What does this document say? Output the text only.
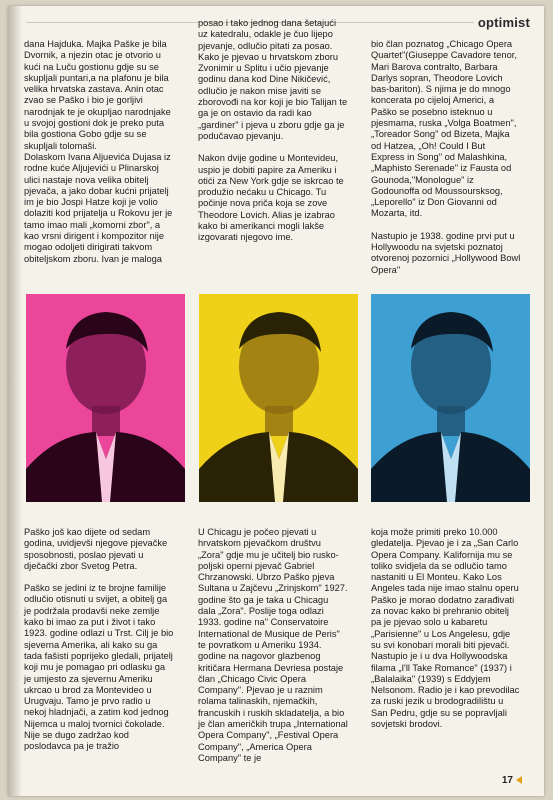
optimist

dana Hajduka. Majka Paške je bila Dvornik, a njezin otac je otvorio u kući na Luču gostionu gdje su se skupljali puntari,a na plafonu je bila velika hrvatska zastava. Anin otac zvao se Paško i bio je gorljivi narodnjak te je okupljao narodnjake u svojoj gostioni dok je preko puta bila gostiona Gobo gdje su se skupljali tolomaši.

Dolaskom Ivana Aljuevića Dujasa iz rodne kuće Aljujevići u Plinarskoj ulici nastaje nova velika obitelj pjevača, a jako dobar kućni prijatelj im je bio Jospi Hatze koji je volio dolaziti kod prijatelja u Rokovu jer je tamo imao mali „komorni zbor", a kao vrsni dirigent i kompozitor nije mogao odoljeti dirigirati takvom obiteljskom zboru. Ivan je maloga

posao i tako jednog dana šetajući uz katedralu, odakle je čuo lijepo pjevanje, odlučio pitati za posao. Kako je pjevao u hrvatskom zboru Zvonimir u Splitu i učio pjevanje godinu dana kod Dine Nikičević, odlučio je nakon mise javiti se zborovođi na kor koji je bio Talijan te ga je on ostavio da radi kao „gardiner" i pjeva u zboru gdje ga je podučavao pjevanju.

Nakon dvije godine u Montevideu, uspio je dobiti papire za Ameriku i otići za New York gdje se iskrcao te produžio nećaku u Chicago. Tu počinje nova priča koja se zove Theodore Lovich. Alias je izabrao kako bi amerikanci mogli lakše izgovarati njegovo ime.

bio član poznatog „Chicago Opera Quartet"(Giuseppe Cavadore tenor, Mari Barova contralto, Barbara Darlys sopran, Theodore Lovich bas-bariton). S njima je do mnogo koncerata po cijeloj Americi, a Paško se posebno isteknuo u pjesmama, ruska „Volga Boatmen", „Toreador Song" od Bizeta, Majka od Hatzea, „Oh! Could I But Express in Song" od Malashkina, „Maphisto Serenade" iz Fausta od Gounoda,"Monologue" iz Godounoffa od Moussoursksog, „Leporello" iz Don Giovanni od Mozarta, itd.

Nastupio je 1938. godine prvi put u Hollywoodu na svjetski poznatoj otvorenoj pozornici „Hollywood Bowl Opera"

Paško još kao dijete od sedam godina, uvidjevši njegove pjevačke sposobnosti, poslao pjevati u dječački zbor Svetog Petra.

Paško se jedini iz te brojne familije odlučio otisnuti u svijet, a obitelj ga je podržala prodavši neke zemlje kako bi imao za put i život i tako 1923. godine odlazi u Trst. Cilj je bio sjeverna Amerika, ali kako su ga tada fašisti poprijeko gledali, prijatelj koji mu je pomagao pri odlasku ga je umjesto za sjevernu Ameriku ukrcao u brod za Montevideo u Urugvaju. Tamo je prvo radio u nekoj hladnjači, a zatim kod jednog Nijemca u maloj tvornici čokolade. Nije se dugo zadržao kod poslodavca pa je tražio

U Chicagu je počeo pjevati u hrvatskom pjevačkom društvu „Zora" gdje mu je učitelj bio rusko-poljski operni pjevač Gabriel Chrzanowski. Ubrzo Paško pjeva Sultana u Zajčevu „Zrinjskom" 1927. godine što ga je taka u Chicagu dala „Zora". Poslije toga odlazi 1933. godine na" Conservatoire International de Musique de Peris" te povratkom u Ameriku 1934. godine na nagovor glazbenog kritičara Hermana Devriesa postaje član „Chicago Civic Opera Company". Pjevao je u raznim rolama talinaskih, njemačkih, francuskih i ruskih skladatelja, a bio je član američkih trupa „International Opera Company", „Festival Opera Company", „America Opera Company" te je

koja može primiti preko 10.000 gledatelja. Pjevao je i za „San Carlo Opera Company. Kalifornija mu se toliko svidjela da se odlučio tamo nastaniti u El Monteu. Kako Los Angeles tada nije imao stalnu operu Paško je morao dodatno zarađivati za novac kako bi prehranio obitelj pa je pjevao solo u kabaretu „Parisienne" u Los Angelesu, gdje su svi konobari morali biti pjevači. Nastupio je i u dva Hollywoodska filama „I'll Take Romance" (1937) i „Balalaika" (1939) s Eddyjem Nelsonom. Radio je i kao prevodilac za ruski jezik u brodogradilištu u San Pedru, gdje su se popravljali sovjetski brodovi.

17
